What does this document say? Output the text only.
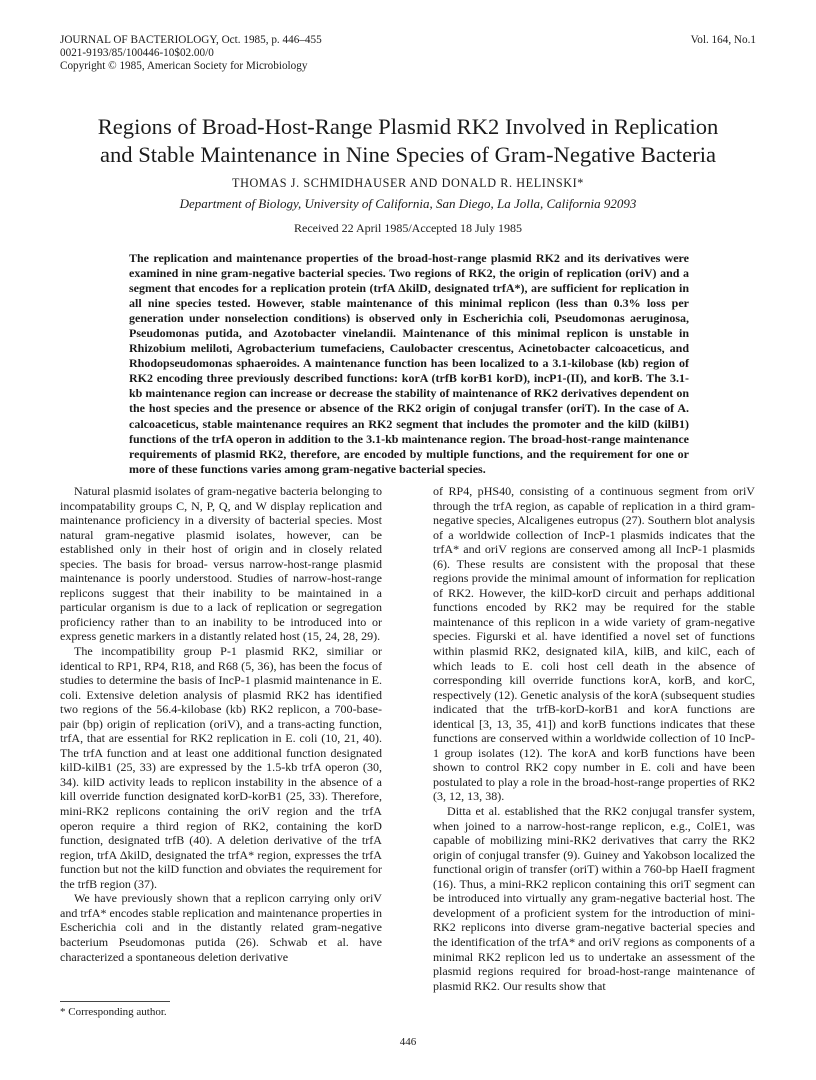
JOURNAL OF BACTERIOLOGY, Oct. 1985, p. 446–455
0021-9193/85/100446-10$02.00/0
Copyright © 1985, American Society for Microbiology
Vol. 164, No.1
Regions of Broad-Host-Range Plasmid RK2 Involved in Replication
and Stable Maintenance in Nine Species of Gram-Negative Bacteria
THOMAS J. SCHMIDHAUSER AND DONALD R. HELINSKI*
Department of Biology, University of California, San Diego, La Jolla, California 92093
Received 22 April 1985/Accepted 18 July 1985
The replication and maintenance properties of the broad-host-range plasmid RK2 and its derivatives were examined in nine gram-negative bacterial species. Two regions of RK2, the origin of replication (oriV) and a segment that encodes for a replication protein (trfA ΔkilD, designated trfA*), are sufficient for replication in all nine species tested. However, stable maintenance of this minimal replicon (less than 0.3% loss per generation under nonselection conditions) is observed only in Escherichia coli, Pseudomonas aeruginosa, Pseudomonas putida, and Azotobacter vinelandii. Maintenance of this minimal replicon is unstable in Rhizobium meliloti, Agrobacterium tumefaciens, Caulobacter crescentus, Acinetobacter calcoaceticus, and Rhodopseudomonas sphaeroides. A maintenance function has been localized to a 3.1-kilobase (kb) region of RK2 encoding three previously described functions: korA (trfB korB1 korD), incP1-(II), and korB. The 3.1-kb maintenance region can increase or decrease the stability of maintenance of RK2 derivatives dependent on the host species and the presence or absence of the RK2 origin of conjugal transfer (oriT). In the case of A. calcoaceticus, stable maintenance requires an RK2 segment that includes the promoter and the kilD (kilB1) functions of the trfA operon in addition to the 3.1-kb maintenance region. The broad-host-range maintenance requirements of plasmid RK2, therefore, are encoded by multiple functions, and the requirement for one or more of these functions varies among gram-negative bacterial species.

Natural plasmid isolates of gram-negative bacteria belonging to incompatability groups C, N, P, Q, and W display replication and maintenance proficiency in a diversity of bacterial species. Most natural gram-negative plasmid isolates, however, can be established only in their host of origin and in closely related species. The basis for broad- versus narrow-host-range plasmid maintenance is poorly understood. Studies of narrow-host-range replicons suggest that their inability to be maintained in a particular organism is due to a lack of replication or segregation proficiency rather than to an inability to be introduced into or express genetic markers in a distantly related host (15, 24, 28, 29).

The incompatibility group P-1 plasmid RK2, similiar or identical to RP1, RP4, R18, and R68 (5, 36), has been the focus of studies to determine the basis of IncP-1 plasmid maintenance in E. coli. Extensive deletion analysis of plasmid RK2 has identified two regions of the 56.4-kilobase (kb) RK2 replicon, a 700-base-pair (bp) origin of replication (oriV), and a trans-acting function, trfA, that are essential for RK2 replication in E. coli (10, 21, 40). The trfA function and at least one additional function designated kilD-kilB1 (25, 33) are expressed by the 1.5-kb trfA operon (30, 34). kilD activity leads to replicon instability in the absence of a kill override function designated korD-korB1 (25, 33). Therefore, mini-RK2 replicons containing the oriV region and the trfA operon require a third region of RK2, containing the korD function, designated trfB (40). A deletion derivative of the trfA region, trfA ΔkilD, designated the trfA* region, expresses the trfA function but not the kilD function and obviates the requirement for the trfB region (37).

We have previously shown that a replicon carrying only oriV and trfA* encodes stable replication and maintenance properties in Escherichia coli and in the distantly related gram-negative bacterium Pseudomonas putida (26). Schwab et al. have characterized a spontaneous deletion derivative

of RP4, pHS40, consisting of a continuous segment from oriV through the trfA region, as capable of replication in a third gram-negative species, Alcaligenes eutropus (27). Southern blot analysis of a worldwide collection of IncP-1 plasmids indicates that the trfA* and oriV regions are conserved among all IncP-1 plasmids (6). These results are consistent with the proposal that these regions provide the minimal amount of information for replication of RK2. However, the kilD-korD circuit and perhaps additional functions encoded by RK2 may be required for the stable maintenance of this replicon in a wide variety of gram-negative species. Figurski et al. have identified a novel set of functions within plasmid RK2, designated kilA, kilB, and kilC, each of which leads to E. coli host cell death in the absence of corresponding kill override functions korA, korB, and korC, respectively (12). Genetic analysis of the korA (subsequent studies indicated that the trfB-korD-korB1 and korA functions are identical [3, 13, 35, 41]) and korB functions indicates that these functions are conserved within a worldwide collection of 10 IncP-1 group isolates (12). The korA and korB functions have been shown to control RK2 copy number in E. coli and have been postulated to play a role in the broad-host-range properties of RK2 (3, 12, 13, 38).

Ditta et al. established that the RK2 conjugal transfer system, when joined to a narrow-host-range replicon, e.g., ColE1, was capable of mobilizing mini-RK2 derivatives that carry the RK2 origin of conjugal transfer (9). Guiney and Yakobson localized the functional origin of transfer (oriT) within a 760-bp HaeII fragment (16). Thus, a mini-RK2 replicon containing this oriT segment can be introduced into virtually any gram-negative bacterial host. The development of a proficient system for the introduction of mini-RK2 replicons into diverse gram-negative bacterial species and the identification of the trfA* and oriV regions as components of a minimal RK2 replicon led us to undertake an assessment of the plasmid regions required for broad-host-range maintenance of plasmid RK2. Our results show that

* Corresponding author.
446
